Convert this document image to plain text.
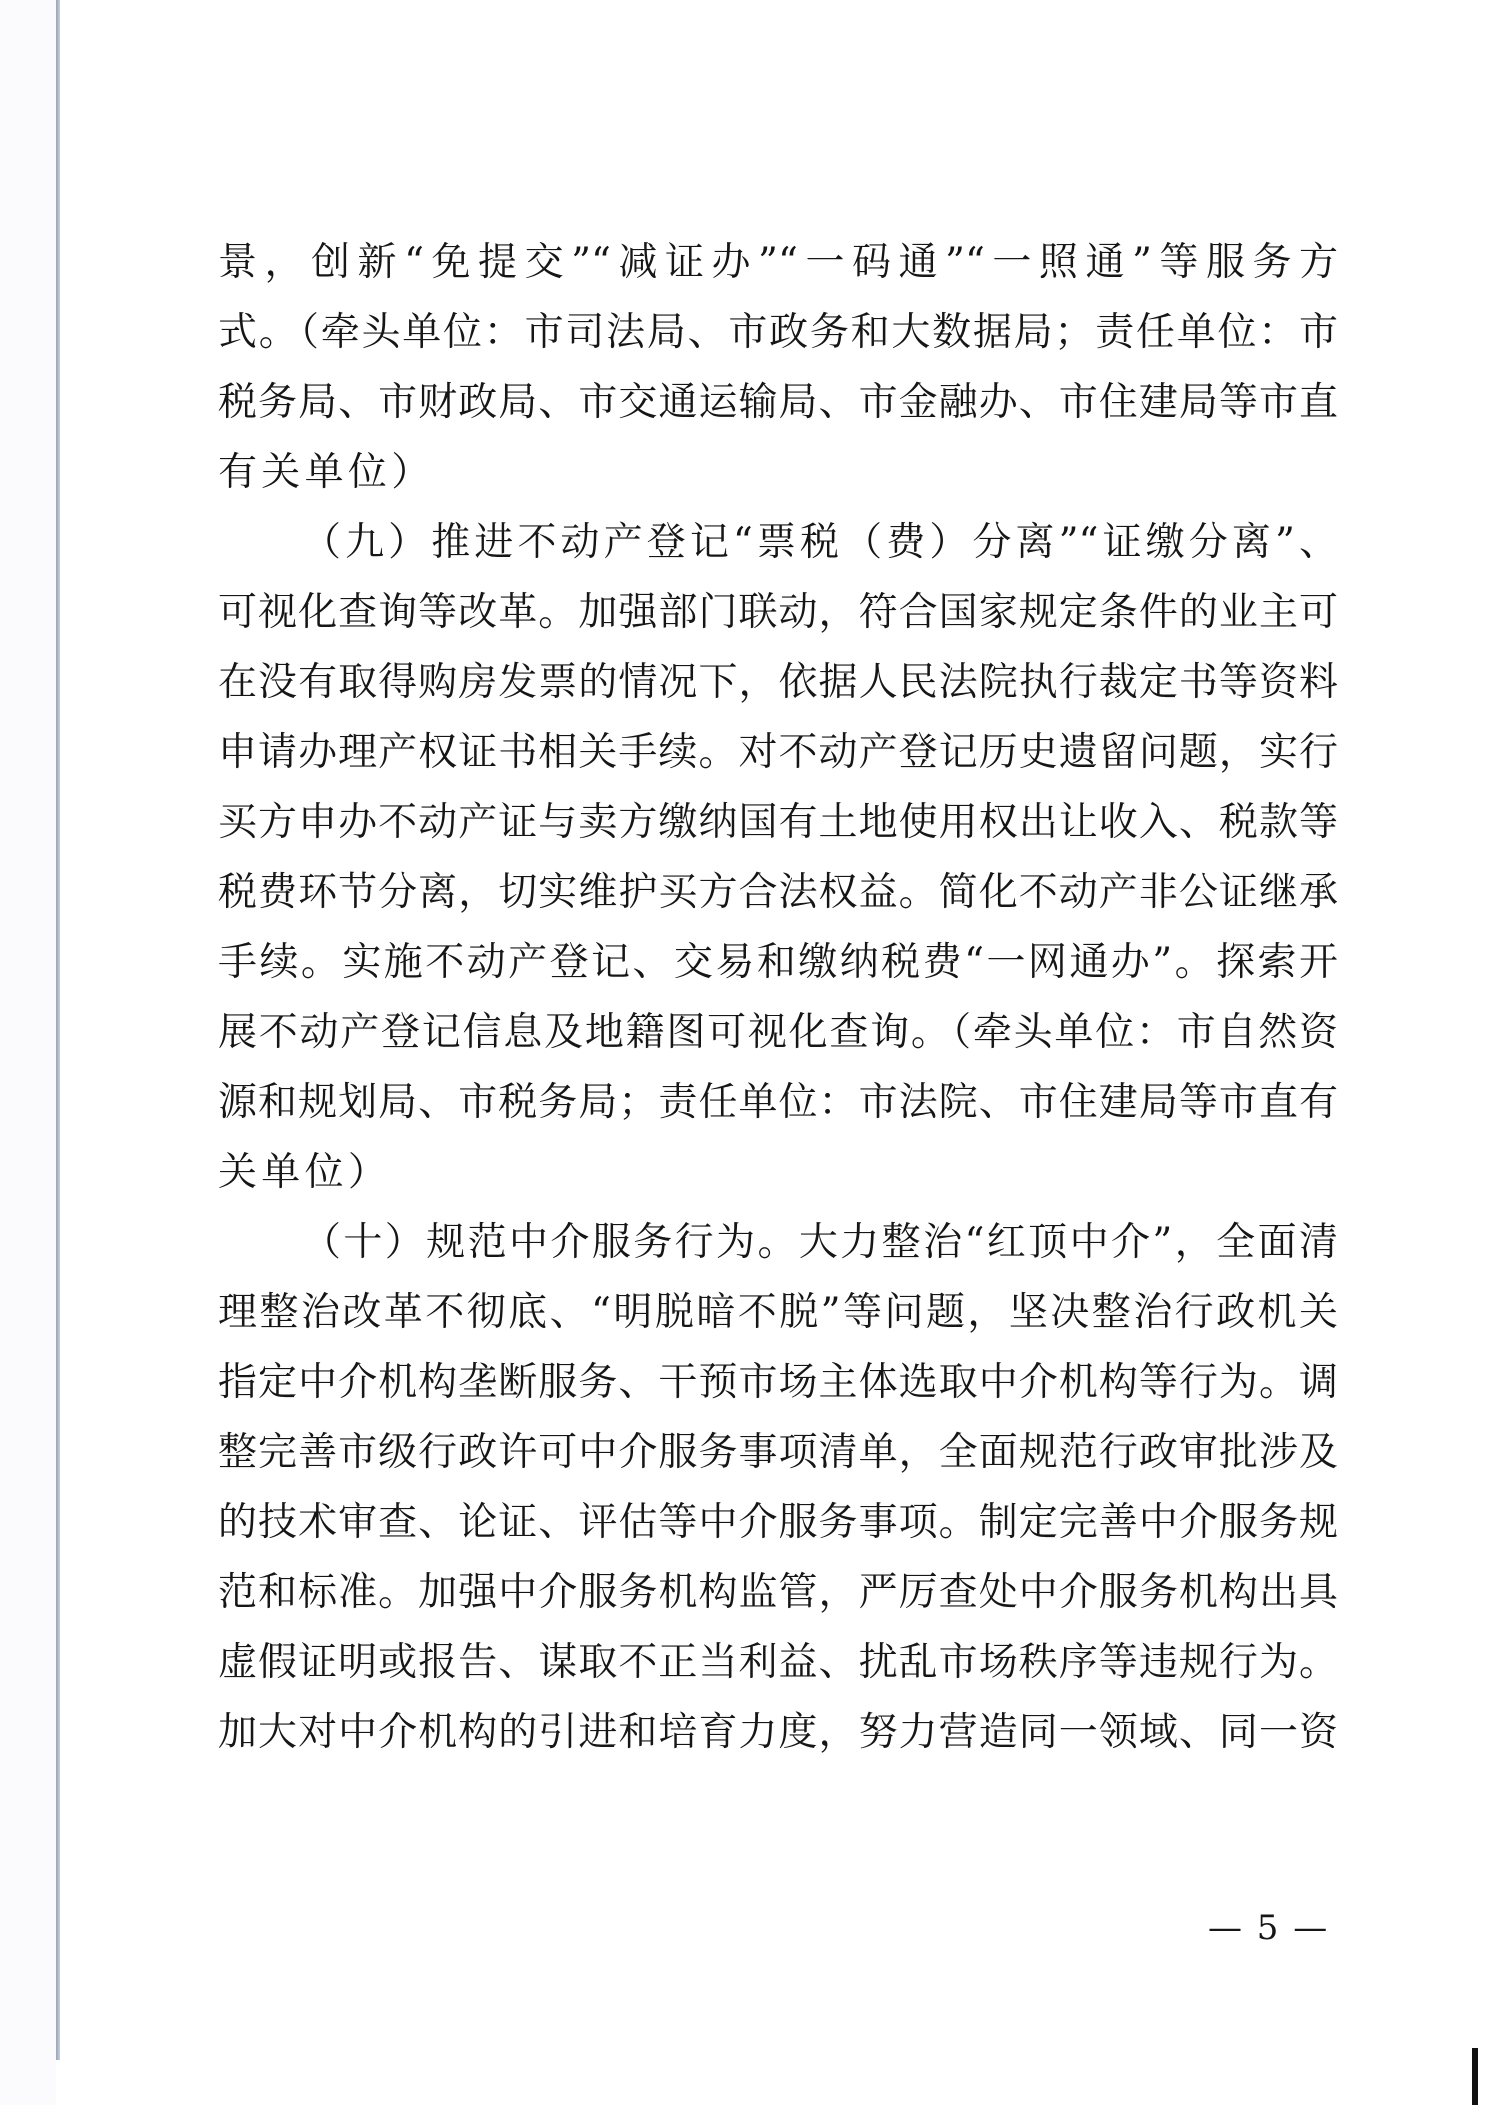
景，创新“免提交”“减证办”“一码通”“一照通”等服务方
式。（牵头单位：市司法局、市政务和大数据局；责任单位：市
税务局、市财政局、市交通运输局、市金融办、市住建局等市直
有关单位）
（九）推进不动产登记“票税（费）分离”“证缴分离”、
可视化查询等改革。加强部门联动，符合国家规定条件的业主可
在没有取得购房发票的情况下，依据人民法院执行裁定书等资料
申请办理产权证书相关手续。对不动产登记历史遗留问题，实行
买方申办不动产证与卖方缴纳国有土地使用权出让收入、税款等
税费环节分离，切实维护买方合法权益。简化不动产非公证继承
手续。实施不动产登记、交易和缴纳税费“一网通办”。探索开
展不动产登记信息及地籍图可视化查询。（牵头单位：市自然资
源和规划局、市税务局；责任单位：市法院、市住建局等市直有
关单位）
（十）规范中介服务行为。大力整治“红顶中介”，全面清
理整治改革不彻底、“明脱暗不脱”等问题，坚决整治行政机关
指定中介机构垄断服务、干预市场主体选取中介机构等行为。调
整完善市级行政许可中介服务事项清单，全面规范行政审批涉及
的技术审查、论证、评估等中介服务事项。制定完善中介服务规
范和标准。加强中介服务机构监管，严厉查处中介服务机构出具
虚假证明或报告、谋取不正当利益、扰乱市场秩序等违规行为。
加大对中介机构的引进和培育力度，努力营造同一领域、同一资
— 5 —
